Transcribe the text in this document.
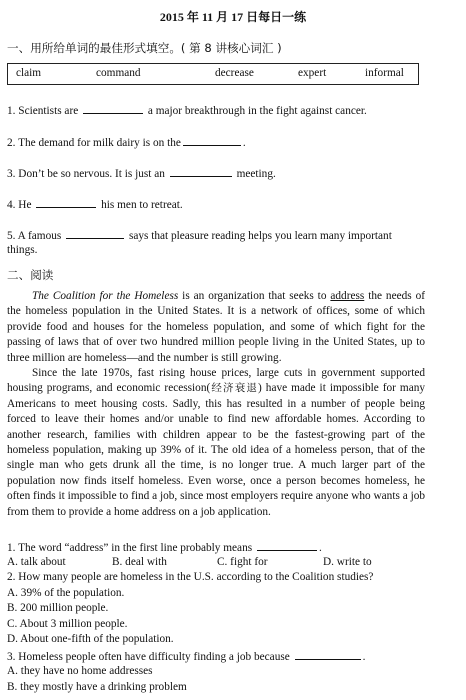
2015 年 11 月 17 日每日一练
一、用所给单词的最佳形式填空。( 第 8 讲核心词汇 )
claim	command	decrease	expert	informal
1. Scientists are	a major breakthrough in the fight against cancer.
2. The demand for milk dairy is on the	.
3. Don’t be so nervous. It is just an	meeting.
4. He	his men to retreat.
5. A famous	says that pleasure reading helps you learn many important
things.
二、阅读

The Coalition for the Homeless is an organization that seeks to address the needs of the homeless population in the United States. It is a network of offices, some of which provide food and houses for the homeless population, and some of which fight for the passing of laws that of over two hundred million people living in the United States, up to three million are homeless—and the number is still growing.

Since the late 1970s, fast rising house prices, large cuts in government supported housing programs, and economic recession(经济衰退) have made it impossible for many Americans to meet housing costs. Sadly, this has resulted in a number of people being forced to leave their homes and/or unable to find new affordable homes. According to another research, families with children appear to be the fastest-growing part of the homeless population, making up 39% of it. The old idea of a homeless person, that of the single man who gets drunk all the time, is no longer true. A much larger part of the population now finds itself homeless. Even worse, once a person becomes homeless, he often finds it impossible to find a job, since most employers require anyone who wants a job from them to provide a home address on a job application.

1. The word “address” in the first line probably means	.
A. talk about	B. deal with	C. fight for	D. write to
2. How many people are homeless in the U.S. according to the Coalition studies?
A. 39% of the population.
B. 200 million people.
C. About 3 million people.
D. About one-fifth of the population.
3. Homeless people often have difficulty finding a job because	.
A. they have no home addresses
B. they mostly have a drinking problem
